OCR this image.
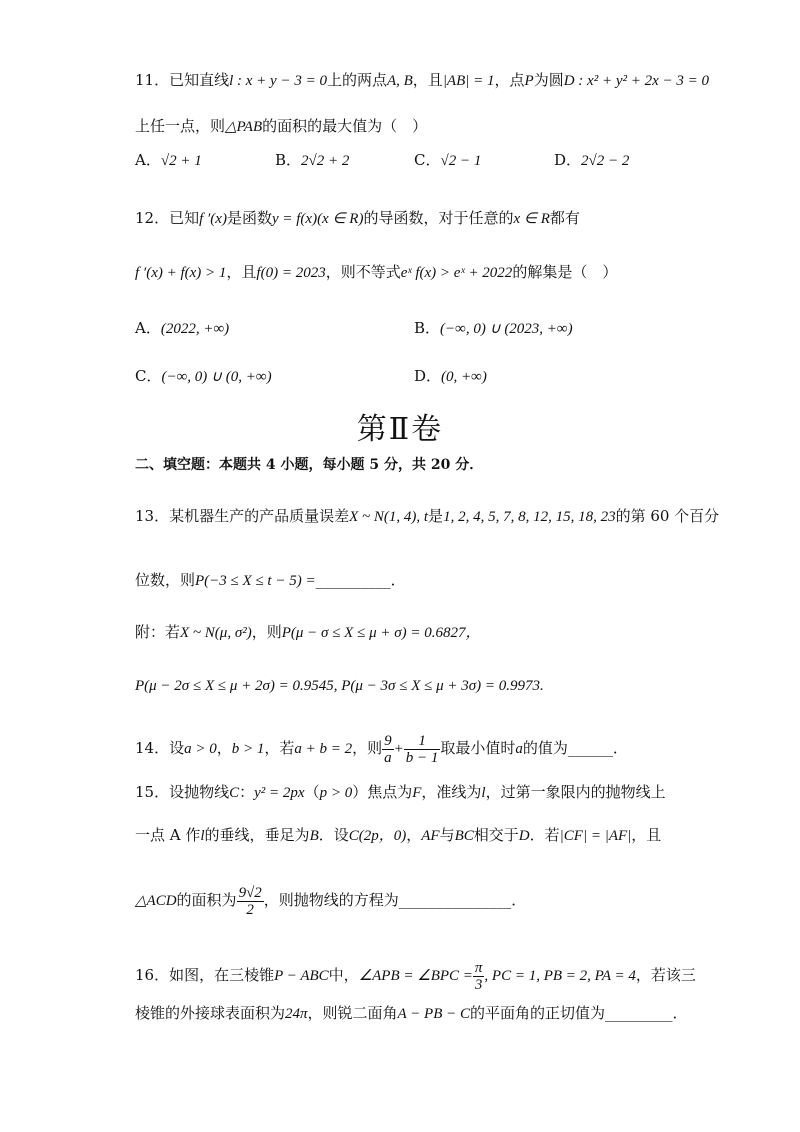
11．已知直线l : x + y − 3 = 0上的两点A, B，且|AB| = 1，点P为圆D : x² + y² + 2x − 3 = 0
上任一点，则△PAB的面积的最大值为（　）
A．√2 + 1	B．2√2 + 2	C．√2 − 1	D．2√2 − 2
12．已知f ′(x)是函数y = f(x)(x ∈ R)的导函数，对于任意的x ∈ R都有
f ′(x) + f(x) > 1，且f(0) = 2023，则不等式eˣ f(x) > eˣ + 2022的解集是（　）
A．(2022, +∞)	B．(−∞, 0) ∪ (2023, +∞)
C．(−∞, 0) ∪ (0, +∞)	D．(0, +∞)
第Ⅱ卷
二、填空题：本题共 4 小题，每小题 5 分，共 20 分．
13．某机器生产的产品质量误差X ~ N(1, 4), t是1, 2, 4, 5, 7, 8, 12, 15, 18, 23的第 60 个百分
位数，则P(−3 ≤ X ≤ t − 5) =__________．
附：若X ~ N(μ, σ²)，则P(μ − σ ≤ X ≤ μ + σ) = 0.6827，
P(μ − 2σ ≤ X ≤ μ + 2σ) = 0.9545, P(μ − 3σ ≤ X ≤ μ + 3σ) = 0.9973.
14．设a > 0，b > 1，若a + b = 2，则 $\frac{9}{a} + \frac{1}{b - 1}$ 取最小值时a的值为______．
15．设抛物线C：y² = 2px（p > 0）焦点为F，准线为l，过第一象限内的抛物线上
一点 A 作l的垂线，垂足为B．设C(2p，0)，AF与BC相交于D．若|CF| = |AF|，且
△ACD的面积为 $\frac{9√2}{2}$ ，则抛物线的方程为_______________．
16．如图，在三棱锥P − ABC中，∠APB = ∠BPC = $\frac{\pi}{3}$ , PC = 1, PB = 2, PA = 4，若该三
棱锥的外接球表面积为24π，则锐二面角A − PB − C的平面角的正切值为_________．
